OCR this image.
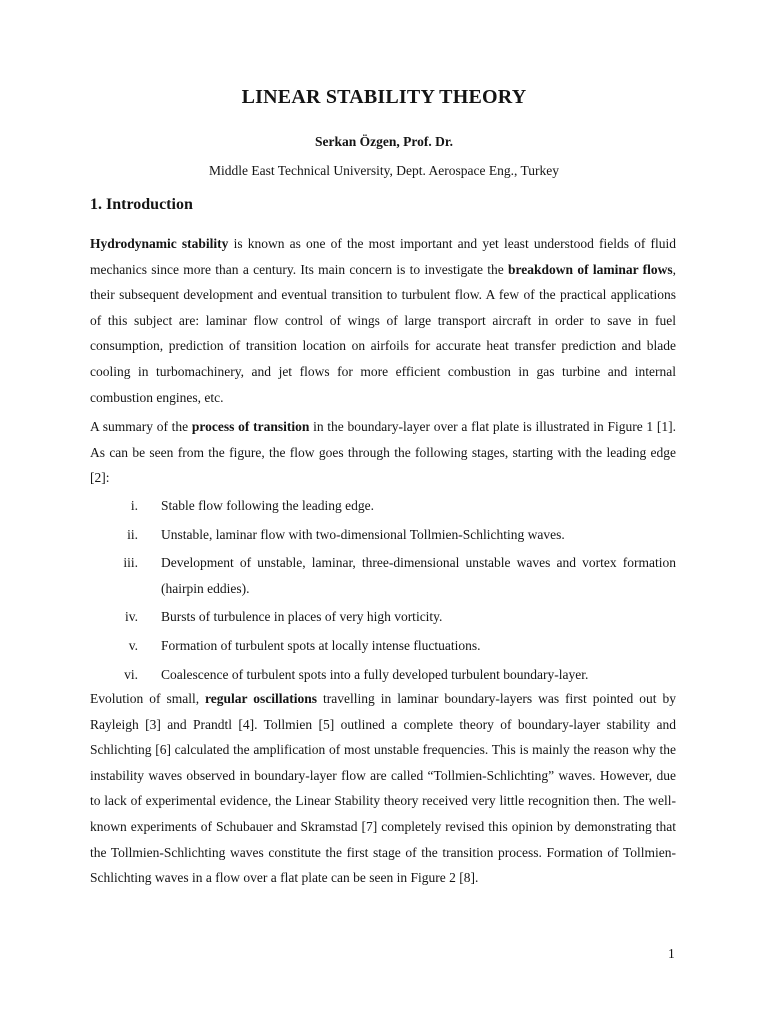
LINEAR STABILITY THEORY
Serkan Özgen, Prof. Dr.
Middle East Technical University, Dept. Aerospace Eng., Turkey
1. Introduction

Hydrodynamic stability is known as one of the most important and yet least understood fields of fluid mechanics since more than a century. Its main concern is to investigate the breakdown of laminar flows, their subsequent development and eventual transition to turbulent flow. A few of the practical applications of this subject are: laminar flow control of wings of large transport aircraft in order to save in fuel consumption, prediction of transition location on airfoils for accurate heat transfer prediction and blade cooling in turbomachinery, and jet flows for more efficient combustion in gas turbine and internal combustion engines, etc.

A summary of the process of transition in the boundary-layer over a flat plate is illustrated in Figure 1 [1]. As can be seen from the figure, the flow goes through the following stages, starting with the leading edge [2]:

i. Stable flow following the leading edge.
ii. Unstable, laminar flow with two-dimensional Tollmien-Schlichting waves.
iii. Development of unstable, laminar, three-dimensional unstable waves and vortex formation (hairpin eddies).
iv. Bursts of turbulence in places of very high vorticity.
v. Formation of turbulent spots at locally intense fluctuations.
vi. Coalescence of turbulent spots into a fully developed turbulent boundary-layer.

Evolution of small, regular oscillations travelling in laminar boundary-layers was first pointed out by Rayleigh [3] and Prandtl [4]. Tollmien [5] outlined a complete theory of boundary-layer stability and Schlichting [6] calculated the amplification of most unstable frequencies. This is mainly the reason why the instability waves observed in boundary-layer flow are called “Tollmien-Schlichting” waves. However, due to lack of experimental evidence, the Linear Stability theory received very little recognition then. The well-known experiments of Schubauer and Skramstad [7] completely revised this opinion by demonstrating that the Tollmien-Schlichting waves constitute the first stage of the transition process. Formation of Tollmien-Schlichting waves in a flow over a flat plate can be seen in Figure 2 [8].

1
